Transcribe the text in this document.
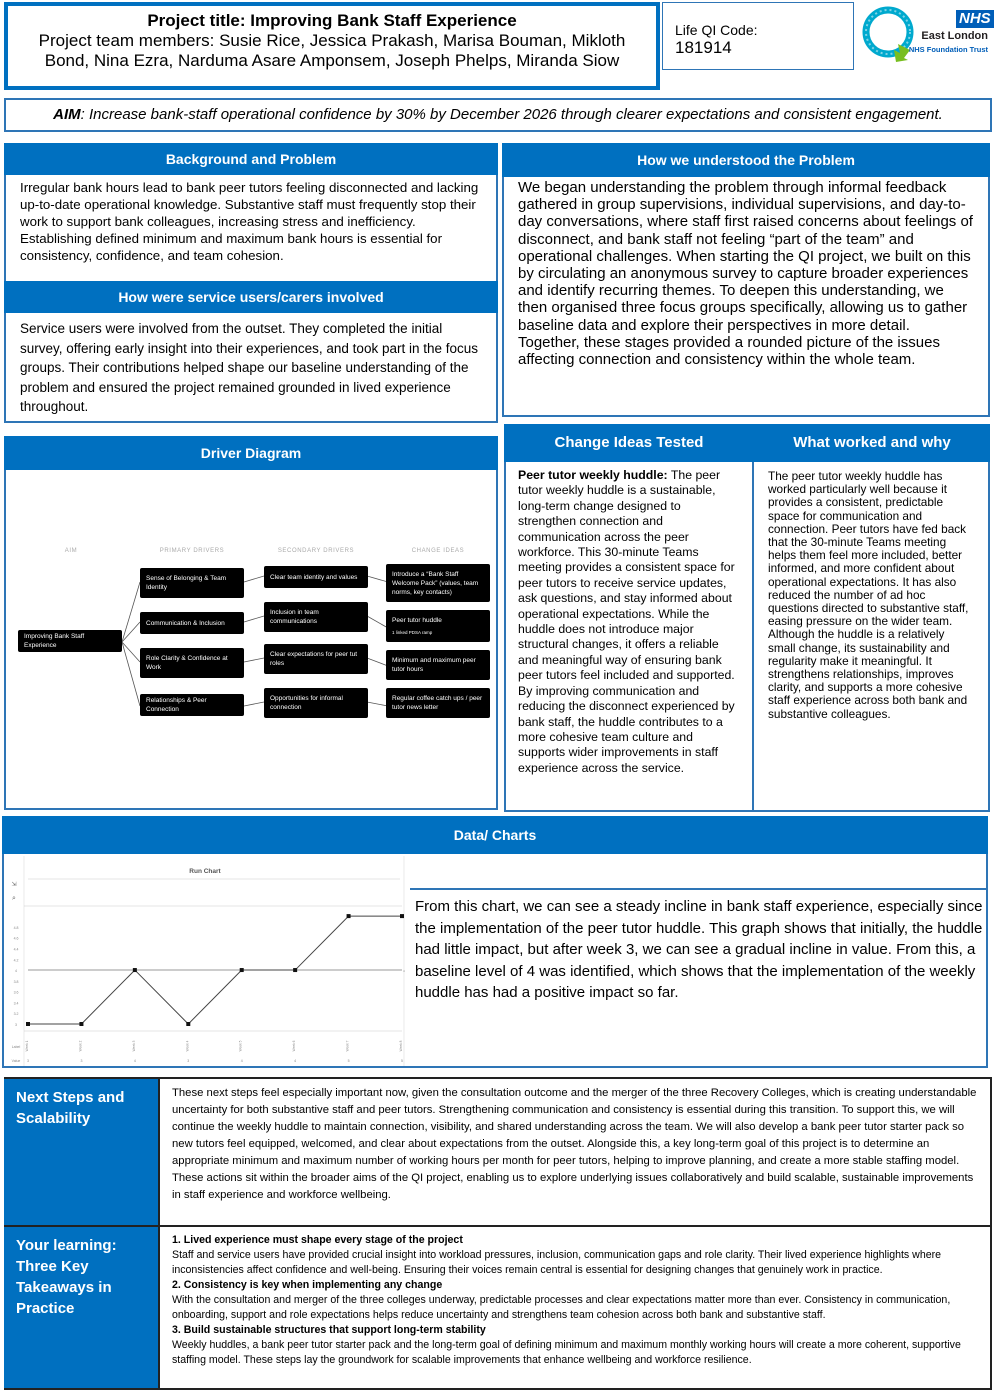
Project title: Improving Bank Staff Experience
Project team members: Susie Rice, Jessica Prakash, Marisa Bouman, Mikloth
Bond, Nina Ezra, Narduma Asare Amponsem, Joseph Phelps, Miranda Siow
Life QI Code:
181914
NHS
East London
NHS Foundation Trust
AIM: Increase bank-staff operational confidence by 30% by December 2026 through clearer expectations and consistent engagement.
Background and Problem
Irregular bank hours lead to bank peer tutors feeling disconnected and lacking up-to-date operational knowledge. Substantive staff must frequently stop their work to support bank colleagues, increasing stress and inefficiency. Establishing defined minimum and maximum bank hours is essential for consistency, confidence, and team cohesion.
How were service users/carers involved
Service users were involved from the outset. They completed the initial survey, offering early insight into their experiences, and took part in the focus groups. Their contributions helped shape our baseline understanding of the problem and ensured the project remained grounded in lived experience throughout.
How we understood the Problem
We began understanding the problem through informal feedback gathered in group supervisions, individual supervisions, and day-to-day conversations, where staff first raised concerns about feelings of disconnect, and bank staff not feeling “part of the team” and operational challenges. When starting the QI project, we built on this by circulating an anonymous survey to capture broader experiences and identify recurring themes. To deepen this understanding, we then organised three focus groups specifically, allowing us to gather baseline data and explore their perspectives in more detail. Together, these stages provided a rounded picture of the issues affecting connection and consistency within the whole team.
Driver Diagram
AIM	PRIMARY DRIVERS	SECONDARY DRIVERS	CHANGE IDEAS
Improving Bank Staff Experience
Sense of Belonging & Team Identity
Communication & Inclusion
Role Clarity & Confidence at Work
Relationships & Peer Connection
Clear team identity and values
Inclusion in team communications
Clear expectations for peer tut roles
Opportunities for informal connection
Introduce a “Bank Staff Welcome Pack” (values, team norms, key contacts)
Peer tutor huddle
1 linked PDSA ramp
Minimum and maximum peer tutor hours
Regular coffee catch ups / peer tutor news letter
Change Ideas Tested	What worked and why
Peer tutor weekly huddle: The peer tutor weekly huddle is a sustainable, long-term change designed to strengthen connection and communication across the peer workforce. This 30-minute Teams meeting provides a consistent space for peer tutors to receive service updates, ask questions, and stay informed about operational expectations. While the huddle does not introduce major structural changes, it offers a reliable and meaningful way of ensuring bank peer tutors feel included and supported. By improving communication and reducing the disconnect experienced by bank staff, the huddle contributes to a more cohesive team culture and supports wider improvements in staff experience across the service.
The peer tutor weekly huddle has worked particularly well because it provides a consistent, predictable space for communication and connection. Peer tutors have fed back that the 30-minute Teams meeting helps them feel more included, better informed, and more confident about operational expectations. It has also reduced the number of ad hoc questions directed to substantive staff, easing pressure on the wider team. Although the huddle is a relatively small change, its sustainability and regularity make it meaningful. It strengthens relationships, improves clarity, and supports a more cohesive staff experience across both bank and substantive colleagues.
Data/ Charts
Run Chart
⇲
⌕
3
3.2
3.4
3.6
3.8
4
4.2
4.4
4.6
4.8
4
Label
Value
Week 1
3
Week 2
3
Week 3
4
Week 4
3
Week 5
4
Week 6
4
Week 7
5
Week 8
5
From this chart, we can see a steady incline in bank staff experience, especially since the implementation of the peer tutor huddle. This graph shows that initially, the huddle had little impact, but after week 3, we can see a gradual incline in value. From this, a baseline level of 4 was identified, which shows that the implementation of the weekly huddle has had a positive impact so far.
Next Steps and Scalability
These next steps feel especially important now, given the consultation outcome and the merger of the three Recovery Colleges, which is creating understandable uncertainty for both substantive staff and peer tutors. Strengthening communication and consistency is essential during this transition. To support this, we will continue the weekly huddle to maintain connection, visibility, and shared understanding across the team. We will also develop a bank peer tutor starter pack so new tutors feel equipped, welcomed, and clear about expectations from the outset. Alongside this, a key long-term goal of this project is to determine an appropriate minimum and maximum number of working hours per month for peer tutors, helping to improve planning, and create a more stable staffing model. These actions sit within the broader aims of the QI project, enabling us to explore underlying issues collaboratively and build scalable, sustainable improvements in staff experience and workforce wellbeing.
Your learning: Three Key Takeaways in Practice
1. Lived experience must shape every stage of the project
Staff and service users have provided crucial insight into workload pressures, inclusion, communication gaps and role clarity. Their lived experience highlights where inconsistencies affect confidence and well-being. Ensuring their voices remain central is essential for designing changes that genuinely work in practice.
2. Consistency is key when implementing any change
With the consultation and merger of the three colleges underway, predictable processes and clear expectations matter more than ever. Consistency in communication, onboarding, support and role expectations helps reduce uncertainty and strengthens team cohesion across both bank and substantive staff.
3. Build sustainable structures that support long-term stability
Weekly huddles, a bank peer tutor starter pack and the long-term goal of defining minimum and maximum monthly working hours will create a more coherent, supportive staffing model. These steps lay the groundwork for scalable improvements that enhance wellbeing and workforce resilience.
